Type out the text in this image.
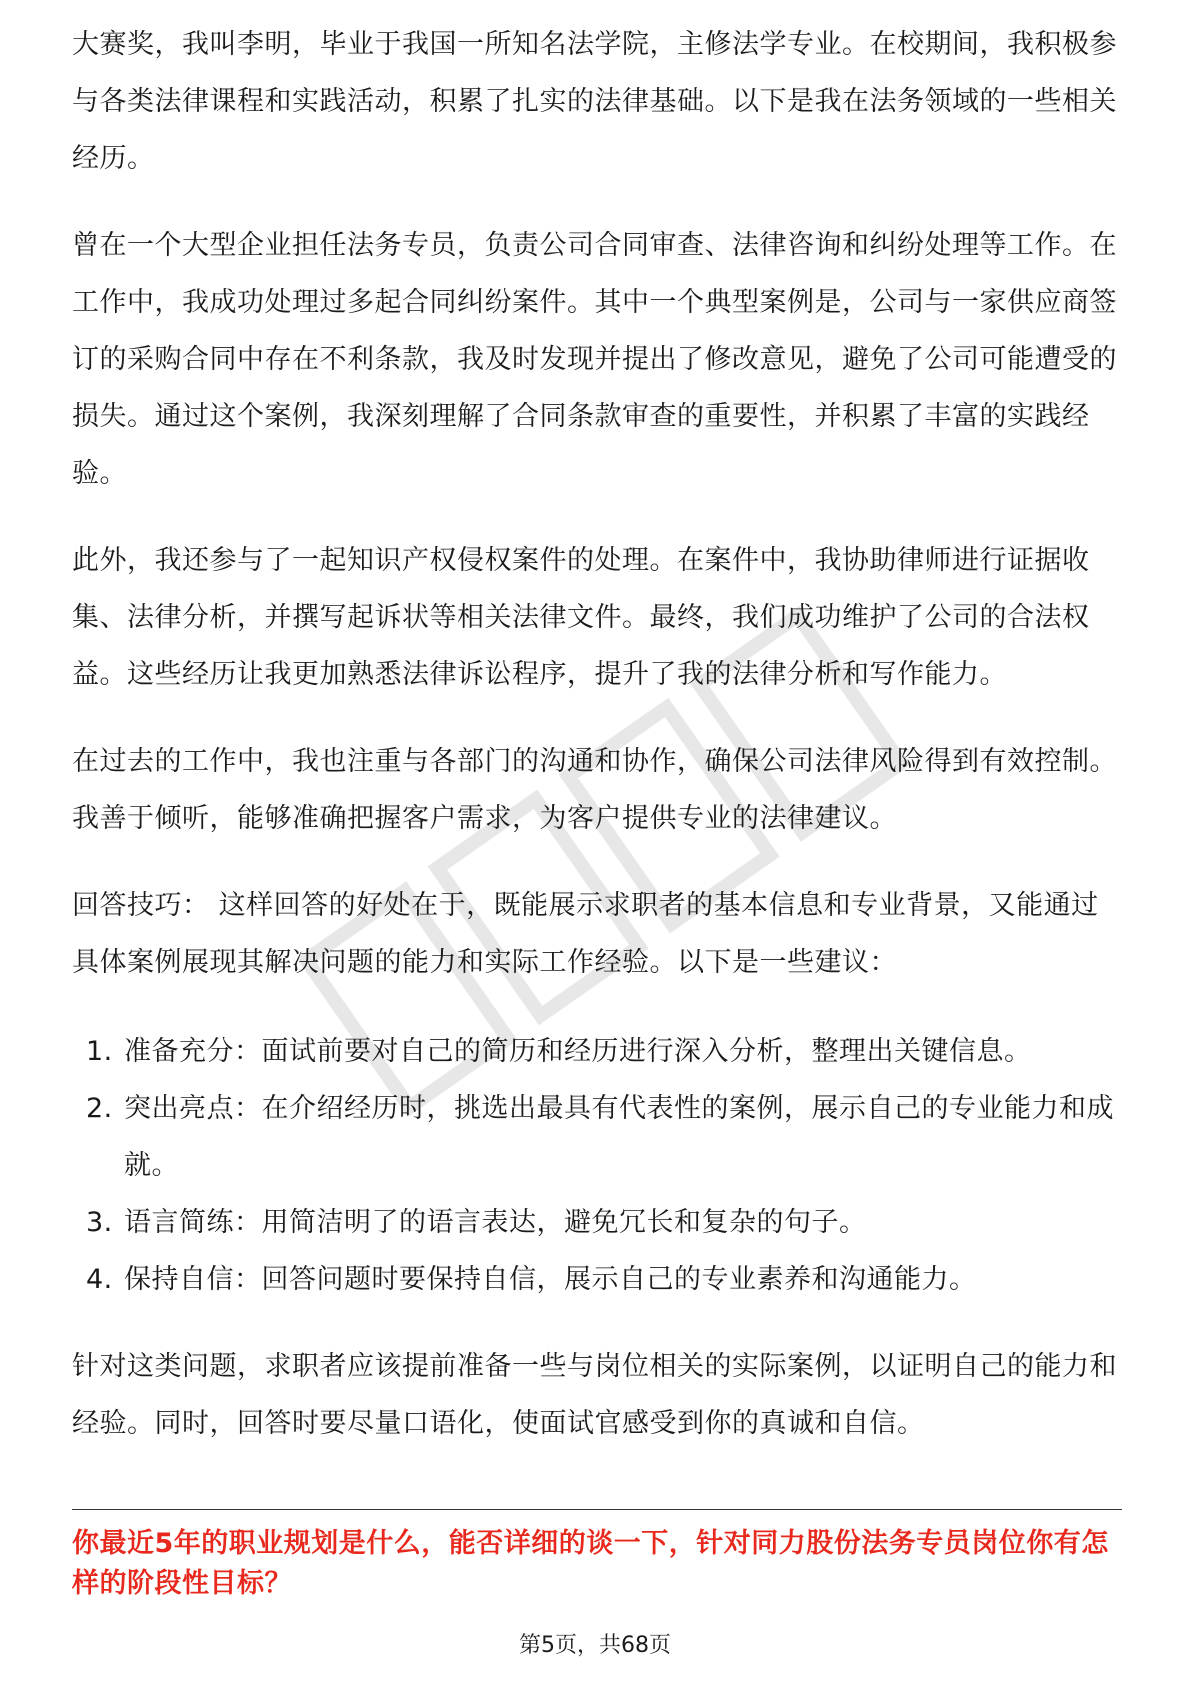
大赛奖，我叫李明，毕业于我国一所知名法学院，主修法学专业。在校期间，我积极参与各类法律课程和实践活动，积累了扎实的法律基础。以下是我在法务领域的一些相关经历。

曾在一个大型企业担任法务专员，负责公司合同审查、法律咨询和纠纷处理等工作。在工作中，我成功处理过多起合同纠纷案件。其中一个典型案例是，公司与一家供应商签订的采购合同中存在不利条款，我及时发现并提出了修改意见，避免了公司可能遭受的损失。通过这个案例，我深刻理解了合同条款审查的重要性，并积累了丰富的实践经验。

此外，我还参与了一起知识产权侵权案件的处理。在案件中，我协助律师进行证据收集、法律分析，并撰写起诉状等相关法律文件。最终，我们成功维护了公司的合法权益。这些经历让我更加熟悉法律诉讼程序，提升了我的法律分析和写作能力。

在过去的工作中，我也注重与各部门的沟通和协作，确保公司法律风险得到有效控制。我善于倾听，能够准确把握客户需求，为客户提供专业的法律建议。

回答技巧： 这样回答的好处在于，既能展示求职者的基本信息和专业背景，又能通过具体案例展现其解决问题的能力和实际工作经验。以下是一些建议：

1. 准备充分：面试前要对自己的简历和经历进行深入分析，整理出关键信息。
2. 突出亮点：在介绍经历时，挑选出最具有代表性的案例，展示自己的专业能力和成就。
3. 语言简练：用简洁明了的语言表达，避免冗长和复杂的句子。
4. 保持自信：回答问题时要保持自信，展示自己的专业素养和沟通能力。

针对这类问题，求职者应该提前准备一些与岗位相关的实际案例，以证明自己的能力和经验。同时，回答时要尽量口语化，使面试官感受到你的真诚和自信。

你最近5年的职业规划是什么，能否详细的谈一下，针对同力股份法务专员岗位你有怎样的阶段性目标？

第5页，共68页
